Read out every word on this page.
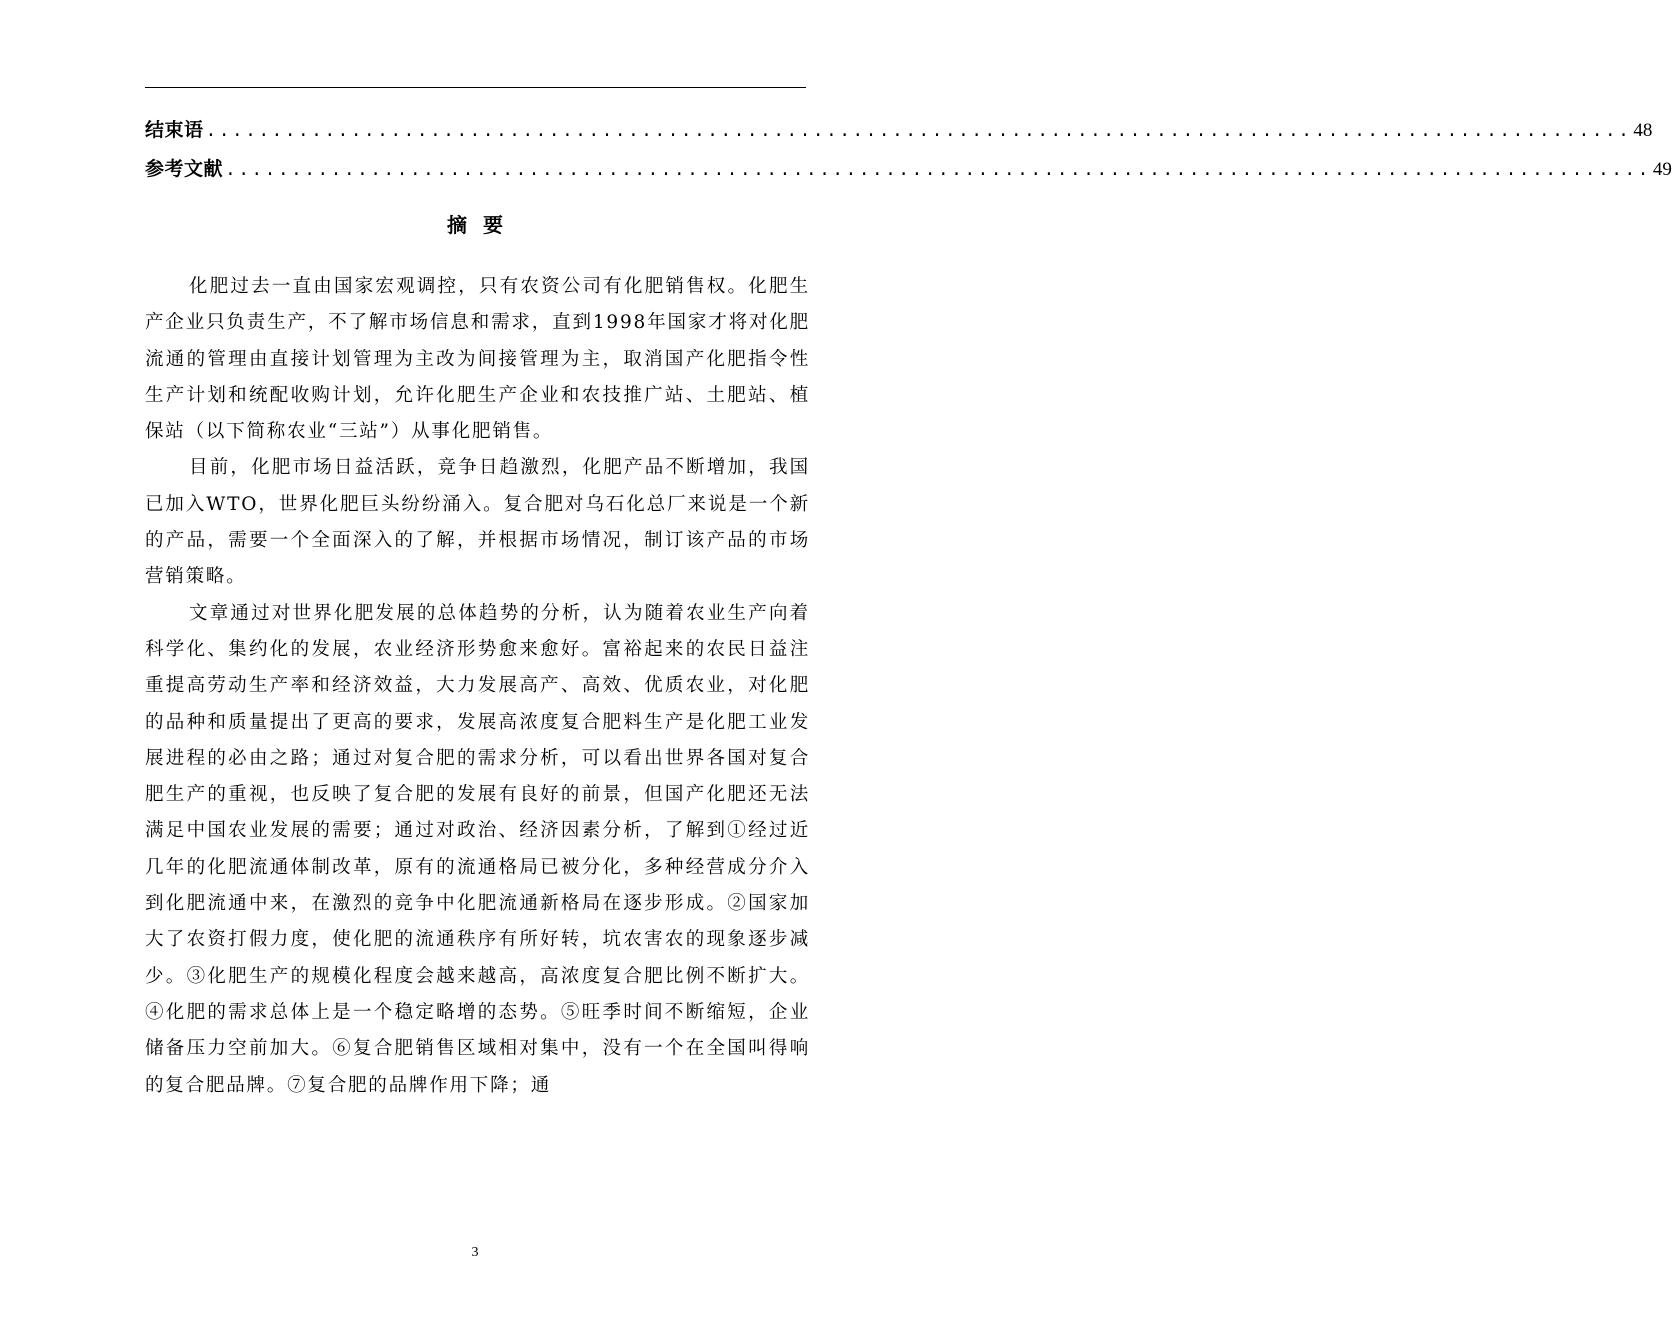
结束语 ............................................................................................................ 48
参考文献 ............................................................................................................ 49
摘要

化肥过去一直由国家宏观调控，只有农资公司有化肥销售权。化肥生产企业只负责生产，不了解市场信息和需求，直到1998年国家才将对化肥流通的管理由直接计划管理为主改为间接管理为主，取消国产化肥指令性生产计划和统配收购计划，允许化肥生产企业和农技推广站、土肥站、植保站（以下简称农业“三站”）从事化肥销售。

目前，化肥市场日益活跃，竞争日趋激烈，化肥产品不断增加，我国已加入WTO，世界化肥巨头纷纷涌入。复合肥对乌石化总厂来说是一个新的产品，需要一个全面深入的了解，并根据市场情况，制订该产品的市场营销策略。

文章通过对世界化肥发展的总体趋势的分析，认为随着农业生产向着科学化、集约化的发展，农业经济形势愈来愈好。富裕起来的农民日益注重提高劳动生产率和经济效益，大力发展高产、高效、优质农业，对化肥的品种和质量提出了更高的要求，发展高浓度复合肥料生产是化肥工业发展进程的必由之路；通过对复合肥的需求分析，可以看出世界各国对复合肥生产的重视，也反映了复合肥的发展有良好的前景，但国产化肥还无法满足中国农业发展的需要；通过对政治、经济因素分析，了解到①经过近几年的化肥流通体制改革，原有的流通格局已被分化，多种经营成分介入到化肥流通中来，在激烈的竞争中化肥流通新格局在逐步形成。②国家加大了农资打假力度，使化肥的流通秩序有所好转，坑农害农的现象逐步减少。③化肥生产的规模化程度会越来越高，高浓度复合肥比例不断扩大。④化肥的需求总体上是一个稳定略增的态势。⑤旺季时间不断缩短，企业储备压力空前加大。⑥复合肥销售区域相对集中，没有一个在全国叫得响的复合肥品牌。⑦复合肥的品牌作用下降；通

3
